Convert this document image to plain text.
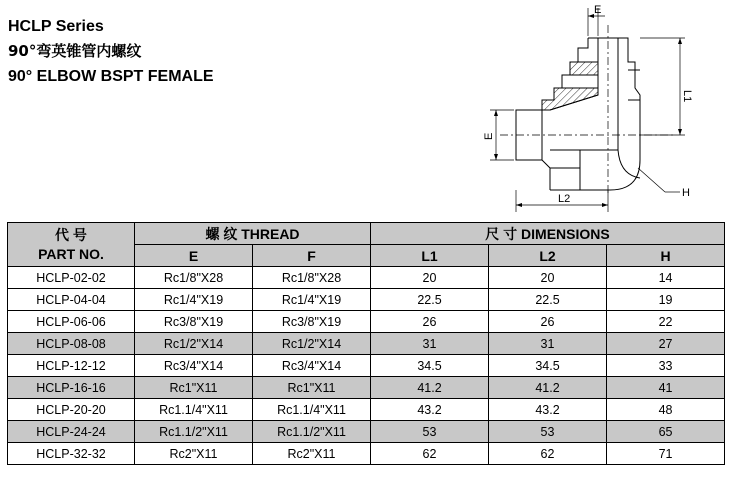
HCLP Series
90°弯英锥管内螺纹
90° ELBOW BSPT FEMALE
E
L1
L2
E
H
代 号
PART NO.	螺 纹 THREAD		尺 寸 DIMENSIONS		
	E	F	L1	L2	H
HCLP-02-02	Rc1/8"X28	Rc1/8"X28	20	20	14
HCLP-04-04	Rc1/4"X19	Rc1/4"X19	22.5	22.5	19
HCLP-06-06	Rc3/8"X19	Rc3/8"X19	26	26	22
HCLP-08-08	Rc1/2"X14	Rc1/2"X14	31	31	27
HCLP-12-12	Rc3/4"X14	Rc3/4"X14	34.5	34.5	33
HCLP-16-16	Rc1"X11	Rc1"X11	41.2	41.2	41
HCLP-20-20	Rc1.1/4"X11	Rc1.1/4"X11	43.2	43.2	48
HCLP-24-24	Rc1.1/2"X11	Rc1.1/2"X11	53	53	65
HCLP-32-32	Rc2"X11	Rc2"X11	62	62	71
